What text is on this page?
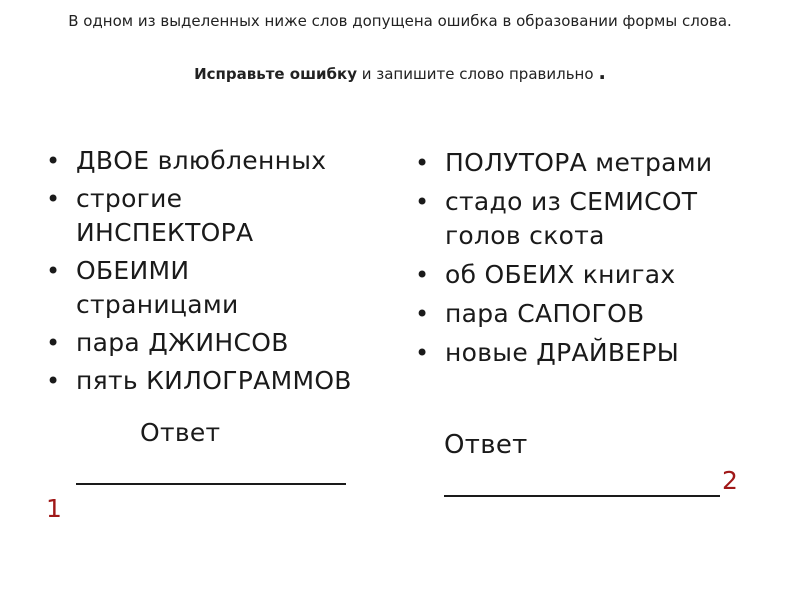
В одном из выделенных ниже слов допущена ошибка в образовании формы слова.
Исправьте ошибку и запишите слово правильно .
• ДВОЕ влюбленных
• строгие ИНСПЕКТОРА
• ОБЕИМИ страницами
• пара ДЖИНСОВ
• пять КИЛОГРАММОВ
Ответ
1
• ПОЛУТОРА метрами
• стадо из СЕМИСОТ голов скота
• об ОБЕИХ книгах
• пара САПОГОВ
• новые ДРАЙВЕРЫ
Ответ
2
